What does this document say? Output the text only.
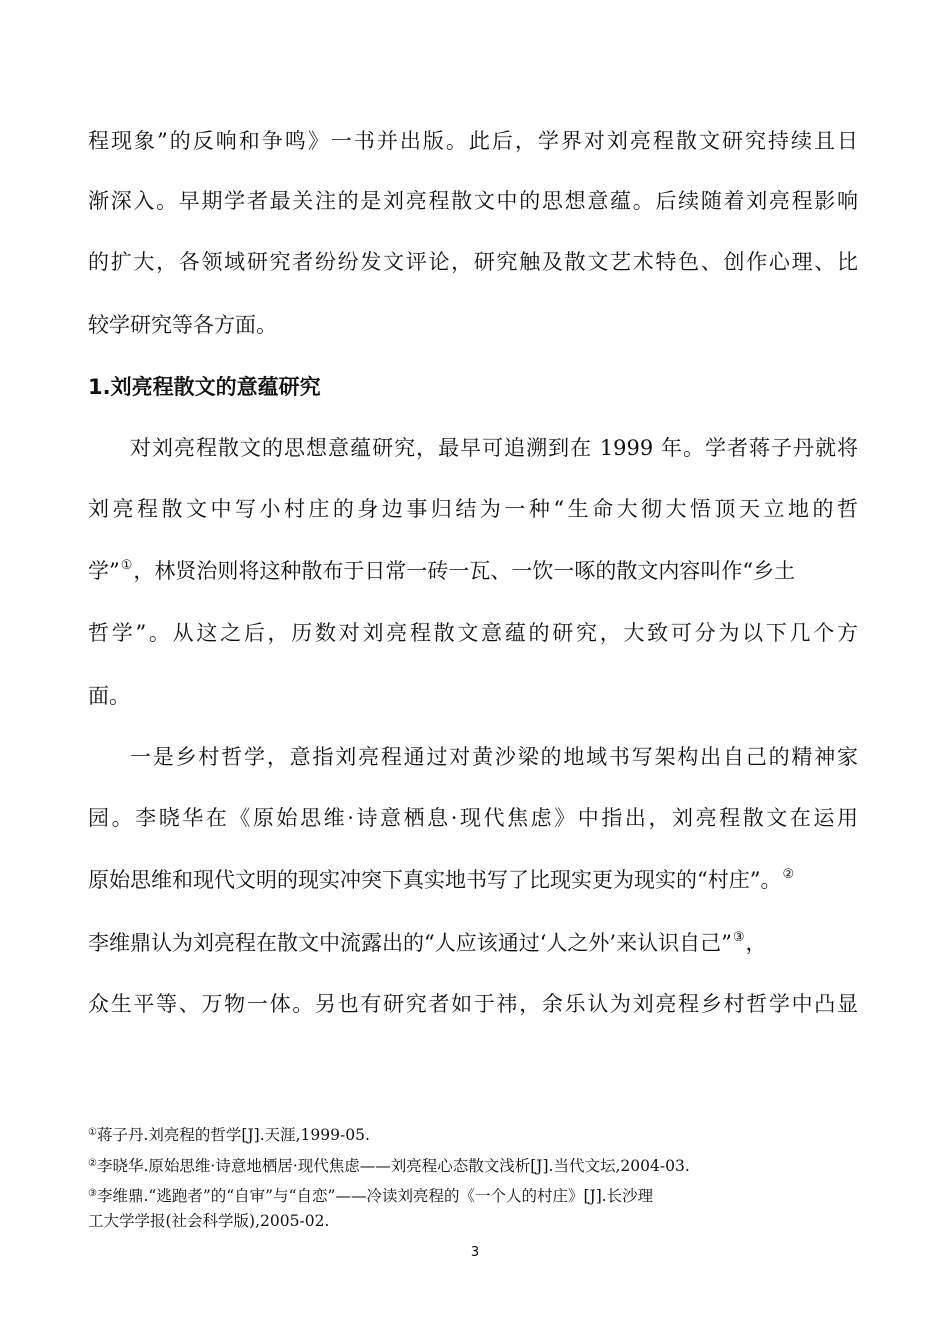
程现象”的反响和争鸣》一书并出版。此后，学界对刘亮程散文研究持续且日
渐深入。早期学者最关注的是刘亮程散文中的思想意蕴。后续随着刘亮程影响
的扩大，各领域研究者纷纷发文评论，研究触及散文艺术特色、创作心理、比
较学研究等各方面。
1.刘亮程散文的意蕴研究
对刘亮程散文的思想意蕴研究，最早可追溯到在 1999 年。学者蒋子丹就将
刘亮程散文中写小村庄的身边事归结为一种“生命大彻大悟顶天立地的哲
学”①，林贤治则将这种散布于日常一砖一瓦、一饮一啄的散文内容叫作“乡土
哲学”。从这之后，历数对刘亮程散文意蕴的研究，大致可分为以下几个方
面。
一是乡村哲学，意指刘亮程通过对黄沙梁的地域书写架构出自己的精神家
园。李晓华在《原始思维·诗意栖息·现代焦虑》中指出，刘亮程散文在运用
原始思维和现代文明的现实冲突下真实地书写了比现实更为现实的“村庄”。②
李维鼎认为刘亮程在散文中流露出的“人应该通过‘人之外’来认识自己”③，
众生平等、万物一体。另也有研究者如于祎，余乐认为刘亮程乡村哲学中凸显
①蒋子丹.刘亮程的哲学[J].天涯,1999-05.
②李晓华.原始思维·诗意地栖居·现代焦虑——刘亮程心态散文浅析[J].当代文坛,2004-03.
③李维鼎.“逃跑者”的“自审”与“自恋”——冷读刘亮程的《一个人的村庄》[J].长沙理
工大学学报(社会科学版),2005-02.
3
